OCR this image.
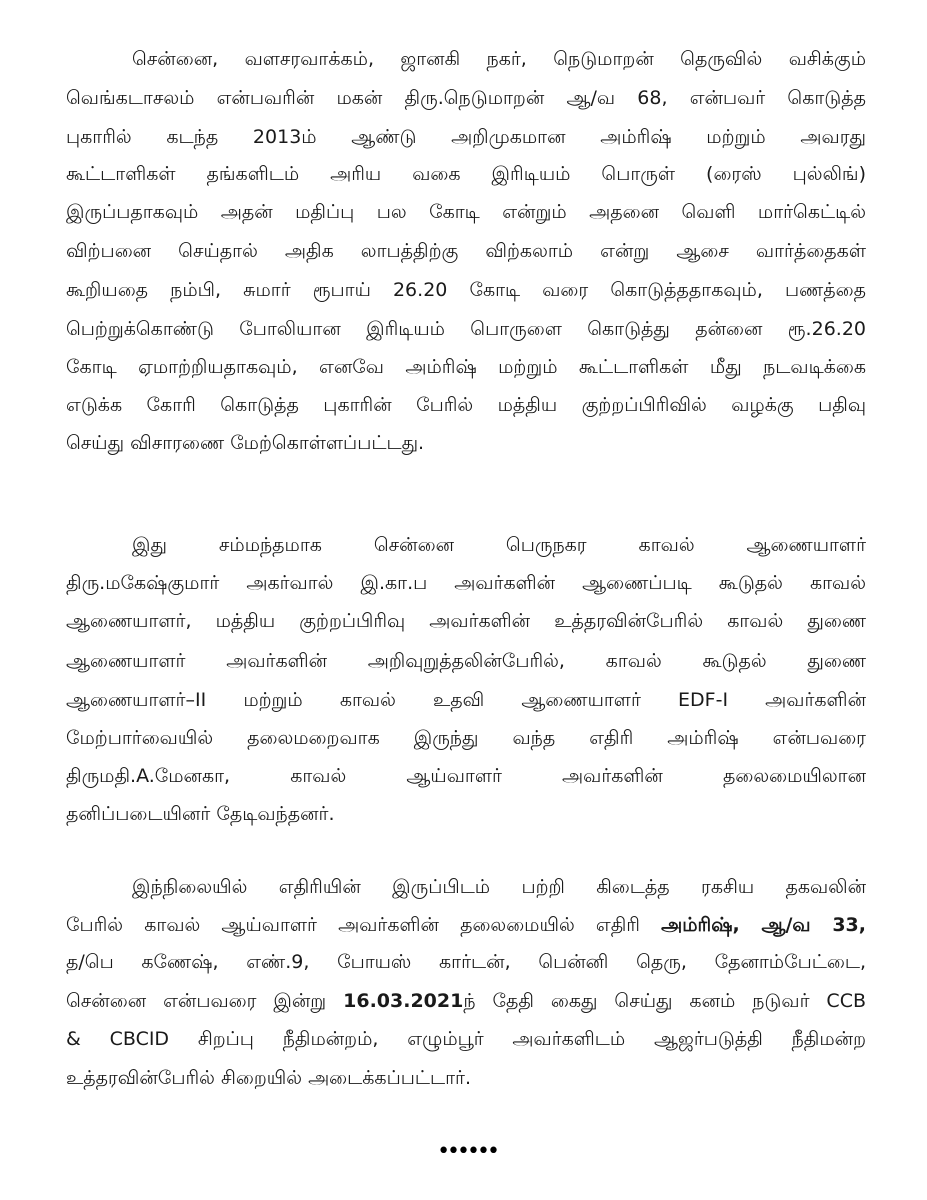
சென்னை, வளசரவாக்கம், ஜானகி நகர், நெடுமாறன் தெருவில் வசிக்கும்
வெங்கடாசலம் என்பவரின் மகன் திரு.நெடுமாறன் ஆ/வ 68, என்பவர் கொடுத்த
புகாரில் கடந்த 2013ம் ஆண்டு அறிமுகமான அம்ரிஷ் மற்றும் அவரது
கூட்டாளிகள் தங்களிடம் அரிய வகை இரிடியம் பொருள் (ரைஸ் புல்லிங்)
இருப்பதாகவும் அதன் மதிப்பு பல கோடி என்றும் அதனை வெளி மார்கெட்டில்
விற்பனை செய்தால் அதிக லாபத்திற்கு விற்கலாம் என்று ஆசை வார்த்தைகள்
கூறியதை நம்பி, சுமார் ரூபாய் 26.20 கோடி வரை கொடுத்ததாகவும், பணத்தை
பெற்றுக்கொண்டு போலியான இரிடியம் பொருளை கொடுத்து தன்னை ரூ.26.20
கோடி ஏமாற்றியதாகவும், எனவே அம்ரிஷ் மற்றும் கூட்டாளிகள் மீது நடவடிக்கை
எடுக்க கோரி கொடுத்த புகாரின் பேரில் மத்திய குற்றப்பிரிவில் வழக்கு பதிவு
செய்து விசாரணை மேற்கொள்ளப்பட்டது.
இது சம்மந்தமாக சென்னை பெருநகர காவல் ஆணையாளர்
திரு.மகேஷ்குமார் அகர்வால் இ.கா.ப அவர்களின் ஆணைப்படி கூடுதல் காவல்
ஆணையாளர், மத்திய குற்றப்பிரிவு அவர்களின் உத்தரவின்பேரில் காவல் துணை
ஆணையாளர் அவர்களின் அறிவுறுத்தலின்பேரில், காவல் கூடுதல் துணை
ஆணையாளர்–II மற்றும் காவல் உதவி ஆணையாளர் EDF-I அவர்களின்
மேற்பார்வையில் தலைமறைவாக இருந்து வந்த எதிரி அம்ரிஷ் என்பவரை
திருமதி.A.மேனகா, காவல் ஆய்வாளர் அவர்களின் தலைமையிலான
தனிப்படையினர் தேடிவந்தனர்.
இந்நிலையில் எதிரியின் இருப்பிடம் பற்றி கிடைத்த ரகசிய தகவலின்
பேரில் காவல் ஆய்வாளர் அவர்களின் தலைமையில் எதிரி அம்ரிஷ், ஆ/வ 33,
த/பெ கணேஷ், எண்.9, போயஸ் கார்டன், பென்னி தெரு, தேனாம்பேட்டை,
சென்னை என்பவரை இன்று 16.03.2021ந் தேதி கைது செய்து கனம் நடுவர் CCB
& CBCID சிறப்பு நீதிமன்றம், எழும்பூர் அவர்களிடம் ஆஜர்படுத்தி நீதிமன்ற
உத்தரவின்பேரில் சிறையில் அடைக்கப்பட்டார்.
••••••
